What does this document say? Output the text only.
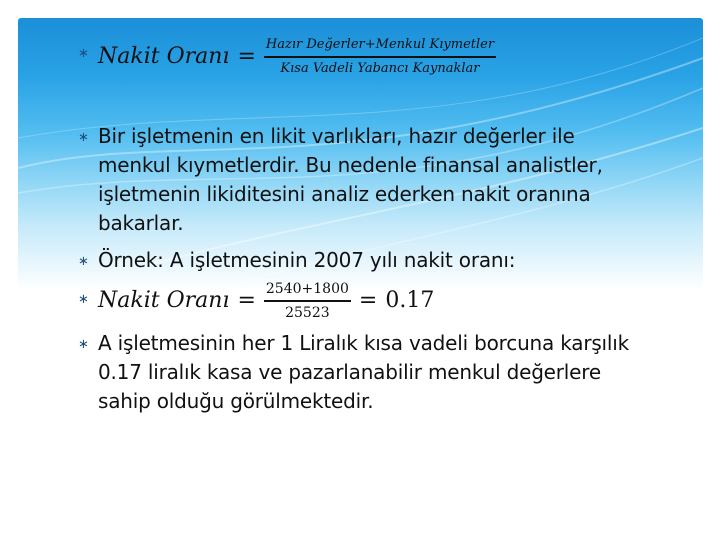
∗ Nakit Oranı = $\frac{\text{Hazır Değerler+Menkul Kıymetler}}{\text{Kısa Vadeli Yabancı Kaynaklar}}$
∗ Bir işletmenin en likit varlıkları, hazır değerler ile menkul kıymetlerdir. Bu nedenle finansal analistler, işletmenin likiditesini analiz ederken nakit oranına bakarlar.
∗ Örnek: A işletmesinin 2007 yılı nakit oranı:
∗ Nakit Oranı = $\frac{2540+1800}{25523} = 0.17$
∗ A işletmesinin her 1 Liralık kısa vadeli borcuna karşılık 0.17 liralık kasa ve pazarlanabilir menkul değerlere sahip olduğu görülmektedir.
